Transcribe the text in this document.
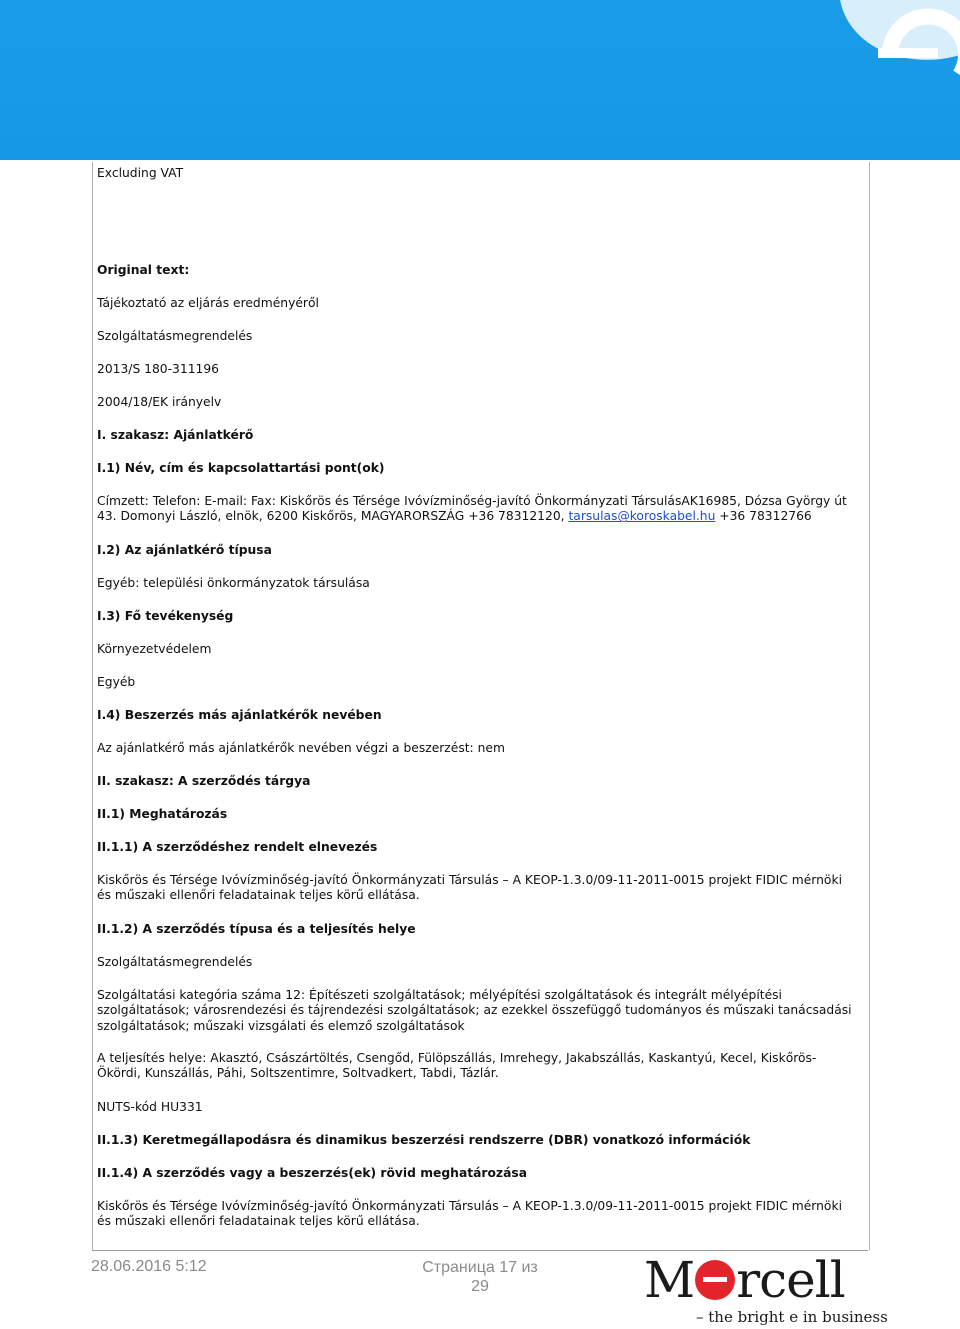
Excluding VAT

Original text:

Tájékoztató az eljárás eredményéről

Szolgáltatásmegrendelés

2013/S 180-311196

2004/18/EK irányelv

I. szakasz: Ajánlatkérő

I.1) Név, cím és kapcsolattartási pont(ok)

Címzett: Telefon: E-mail: Fax: Kiskőrös és Térsége Ivóvízminőség-javító Önkormányzati TársulásAK16985, Dózsa György út 43. Domonyi László, elnök, 6200 Kiskőrös, MAGYARORSZÁG +36 78312120, tarsulas@koroskabel.hu +36 78312766

I.2) Az ajánlatkérő típusa

Egyéb: települési önkormányzatok társulása

I.3) Fő tevékenység

Környezetvédelem

Egyéb

I.4) Beszerzés más ajánlatkérők nevében

Az ajánlatkérő más ajánlatkérők nevében végzi a beszerzést: nem

II. szakasz: A szerződés tárgya

II.1) Meghatározás

II.1.1) A szerződéshez rendelt elnevezés

Kiskőrös és Térsége Ivóvízminőség-javító Önkormányzati Társulás – A KEOP-1.3.0/09-11-2011-0015 projekt FIDIC mérnöki és műszaki ellenőri feladatainak teljes körű ellátása.

II.1.2) A szerződés típusa és a teljesítés helye

Szolgáltatásmegrendelés

Szolgáltatási kategória száma 12: Építészeti szolgáltatások; mélyépítési szolgáltatások és integrált mélyépítési szolgáltatások; városrendezési és tájrendezési szolgáltatások; az ezekkel összefüggő tudományos és műszaki tanácsadási szolgáltatások; műszaki vizsgálati és elemző szolgáltatások

A teljesítés helye: Akasztó, Császártöltés, Csengőd, Fülöpszállás, Imrehegy, Jakabszállás, Kaskantyú, Kecel, Kiskőrös-Ökördi, Kunszállás, Páhi, Soltszentimre, Soltvadkert, Tabdi, Tázlár.

NUTS-kód HU331

II.1.3) Keretmegállapodásra és dinamikus beszerzési rendszerre (DBR) vonatkozó információk

II.1.4) A szerződés vagy a beszerzés(ek) rövid meghatározása

Kiskőrös és Térsége Ivóvízminőség-javító Önkormányzati Társulás – A KEOP-1.3.0/09-11-2011-0015 projekt FIDIC mérnöki és műszaki ellenőri feladatainak teljes körű ellátása.

28.06.2016 5:12	Страница 17 из
29	M rcell
– the bright e in business
